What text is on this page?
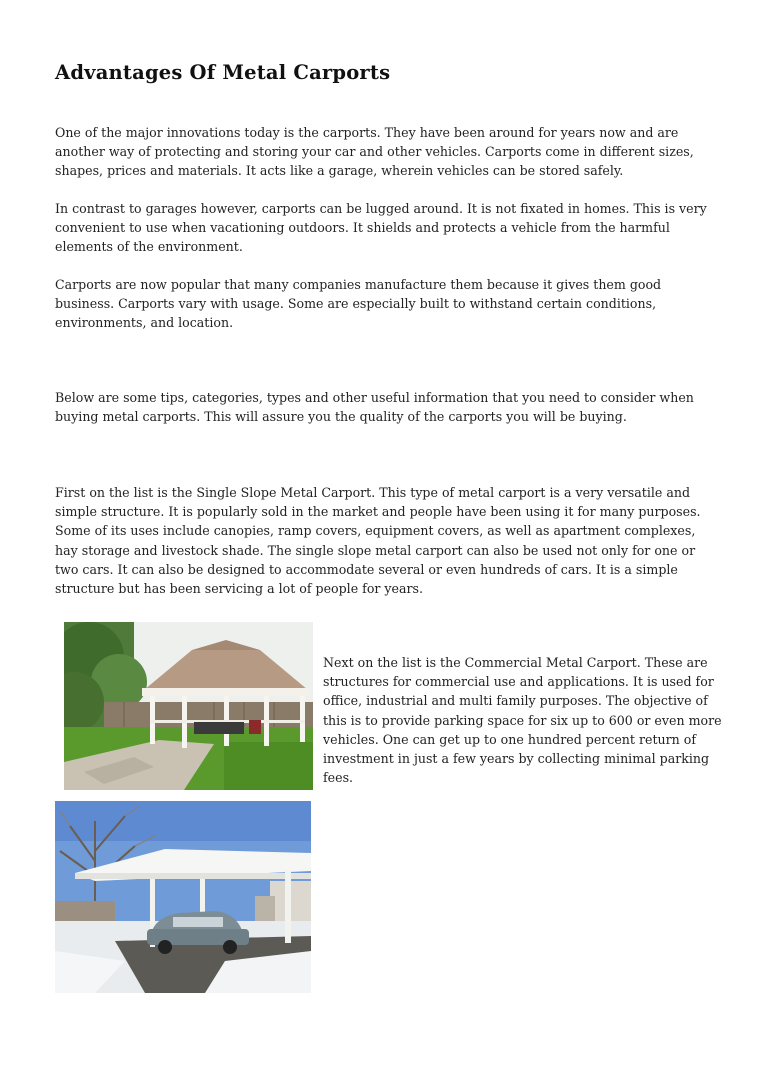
Advantages Of Metal Carports

One of the major innovations today is the carports. They have been around for years now and are another way of protecting and storing your car and other vehicles. Carports come in different sizes, shapes, prices and materials. It acts like a garage, wherein vehicles can be stored safely.

In contrast to garages however, carports can be lugged around. It is not fixated in homes. This is very convenient to use when vacationing outdoors. It shields and protects a vehicle from the harmful elements of the environment.

Carports are now popular that many companies manufacture them because it gives them good business. Carports vary with usage. Some are especially built to withstand certain conditions, environments, and location.

Below are some tips, categories, types and other useful information that you need to consider when buying metal carports. This will assure you the quality of the carports you will be buying.

First on the list is the Single Slope Metal Carport. This type of metal carport is a very versatile and simple structure. It is popularly sold in the market and people have been using it for many purposes. Some of its uses include canopies, ramp covers, equipment covers, as well as apartment complexes, hay storage and livestock shade. The single slope metal carport can also be used not only for one or two cars. It can also be designed to accommodate several or even hundreds of cars. It is a simple structure but has been servicing a lot of people for years.

Next on the list is the Commercial Metal Carport. These are structures for commercial use and applications. It is used for office, industrial and multi family purposes. The objective of this is to provide parking space for six up to 600 or even more vehicles. One can get up to one hundred percent return of investment in just a few years by collecting minimal parking fees.
